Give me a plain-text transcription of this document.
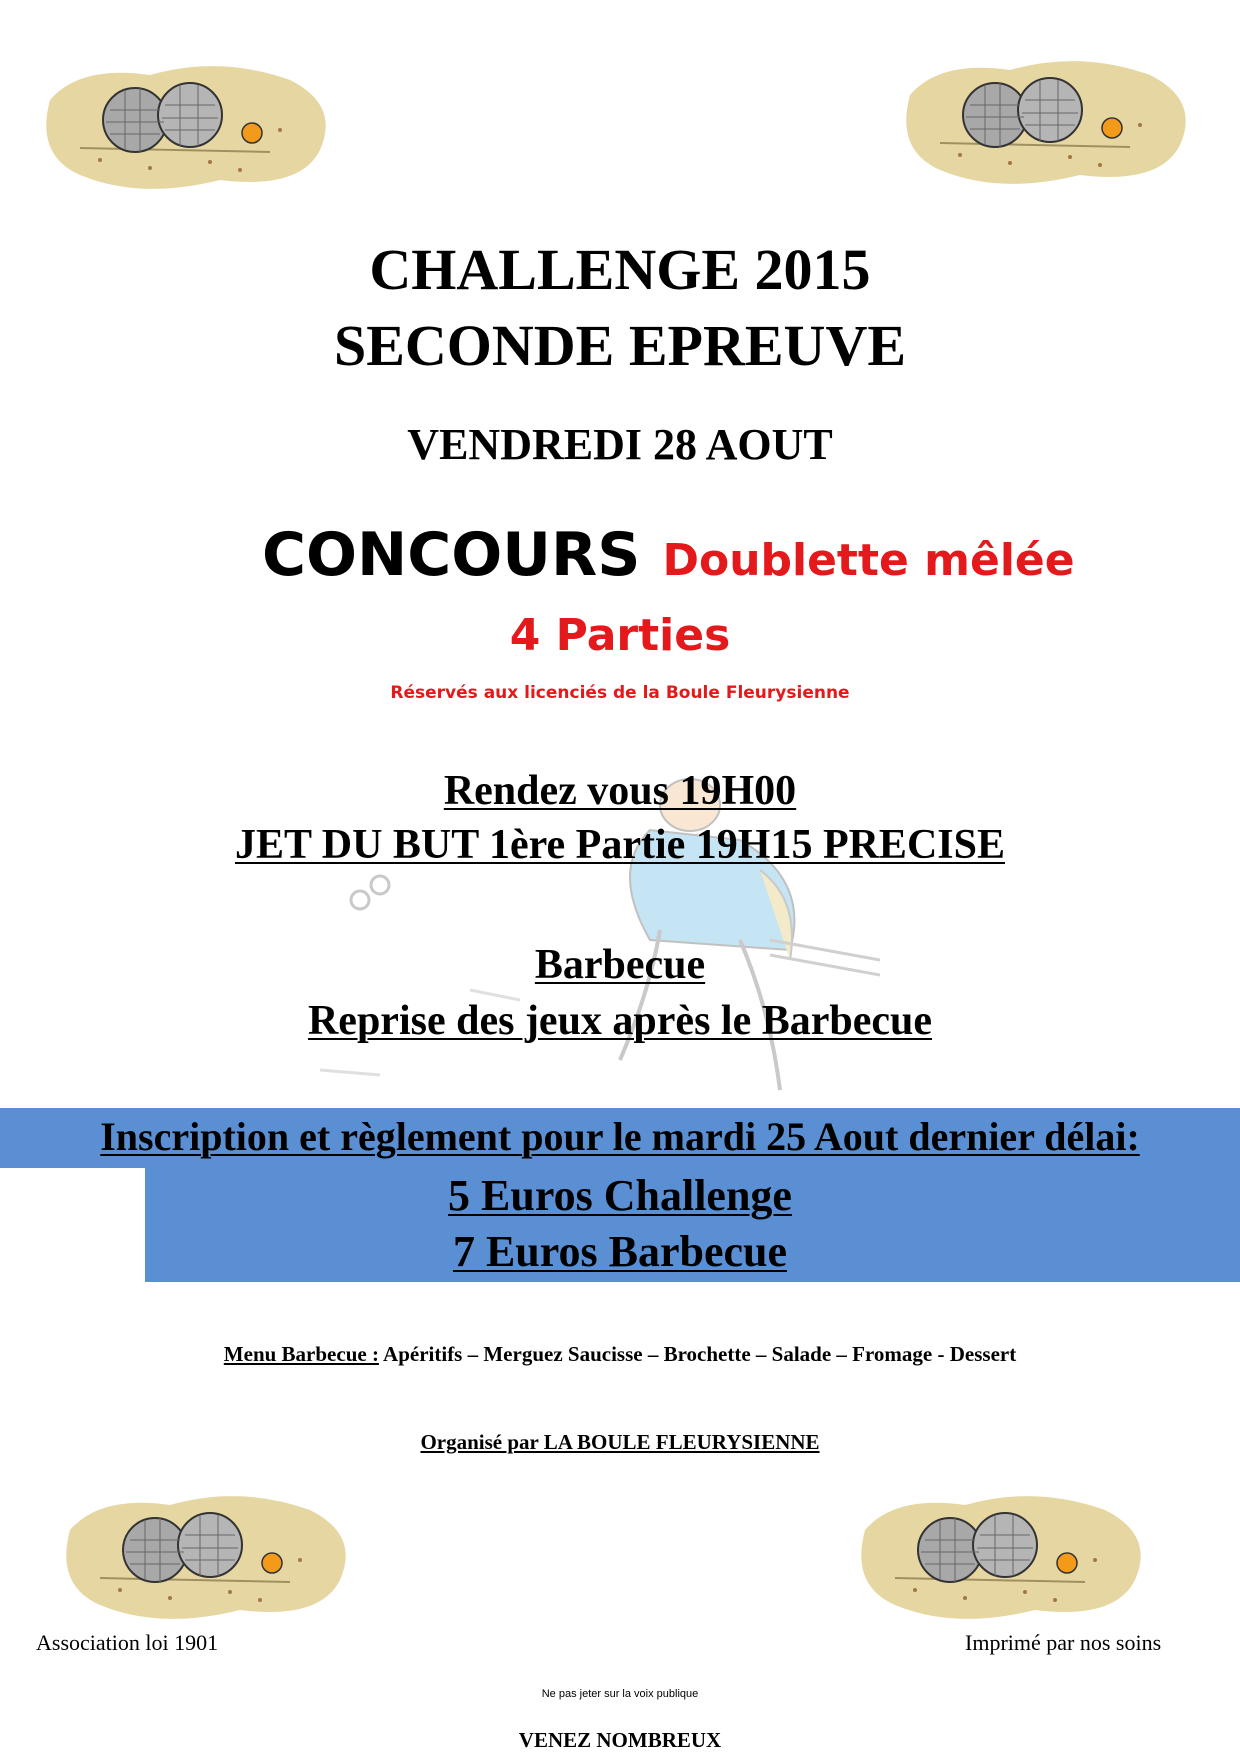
CHALLENGE 2015
SECONDE EPREUVE
VENDREDI 28 AOUT
CONCOURS Doublette mêlée
4 Parties
Réservés aux licenciés de la Boule Fleurysienne
Rendez vous 19H00
JET DU BUT 1ère Partie 19H15 PRECISE
Barbecue
Reprise des jeux après le Barbecue
Inscription et règlement pour le mardi 25 Aout dernier délai:
5 Euros Challenge
7 Euros Barbecue
Menu Barbecue : Apéritifs – Merguez Saucisse – Brochette – Salade – Fromage - Dessert
Organisé par LA BOULE FLEURYSIENNE
Association loi 1901	Imprimé par nos soins
Ne pas jeter sur la voix publique
VENEZ NOMBREUX
